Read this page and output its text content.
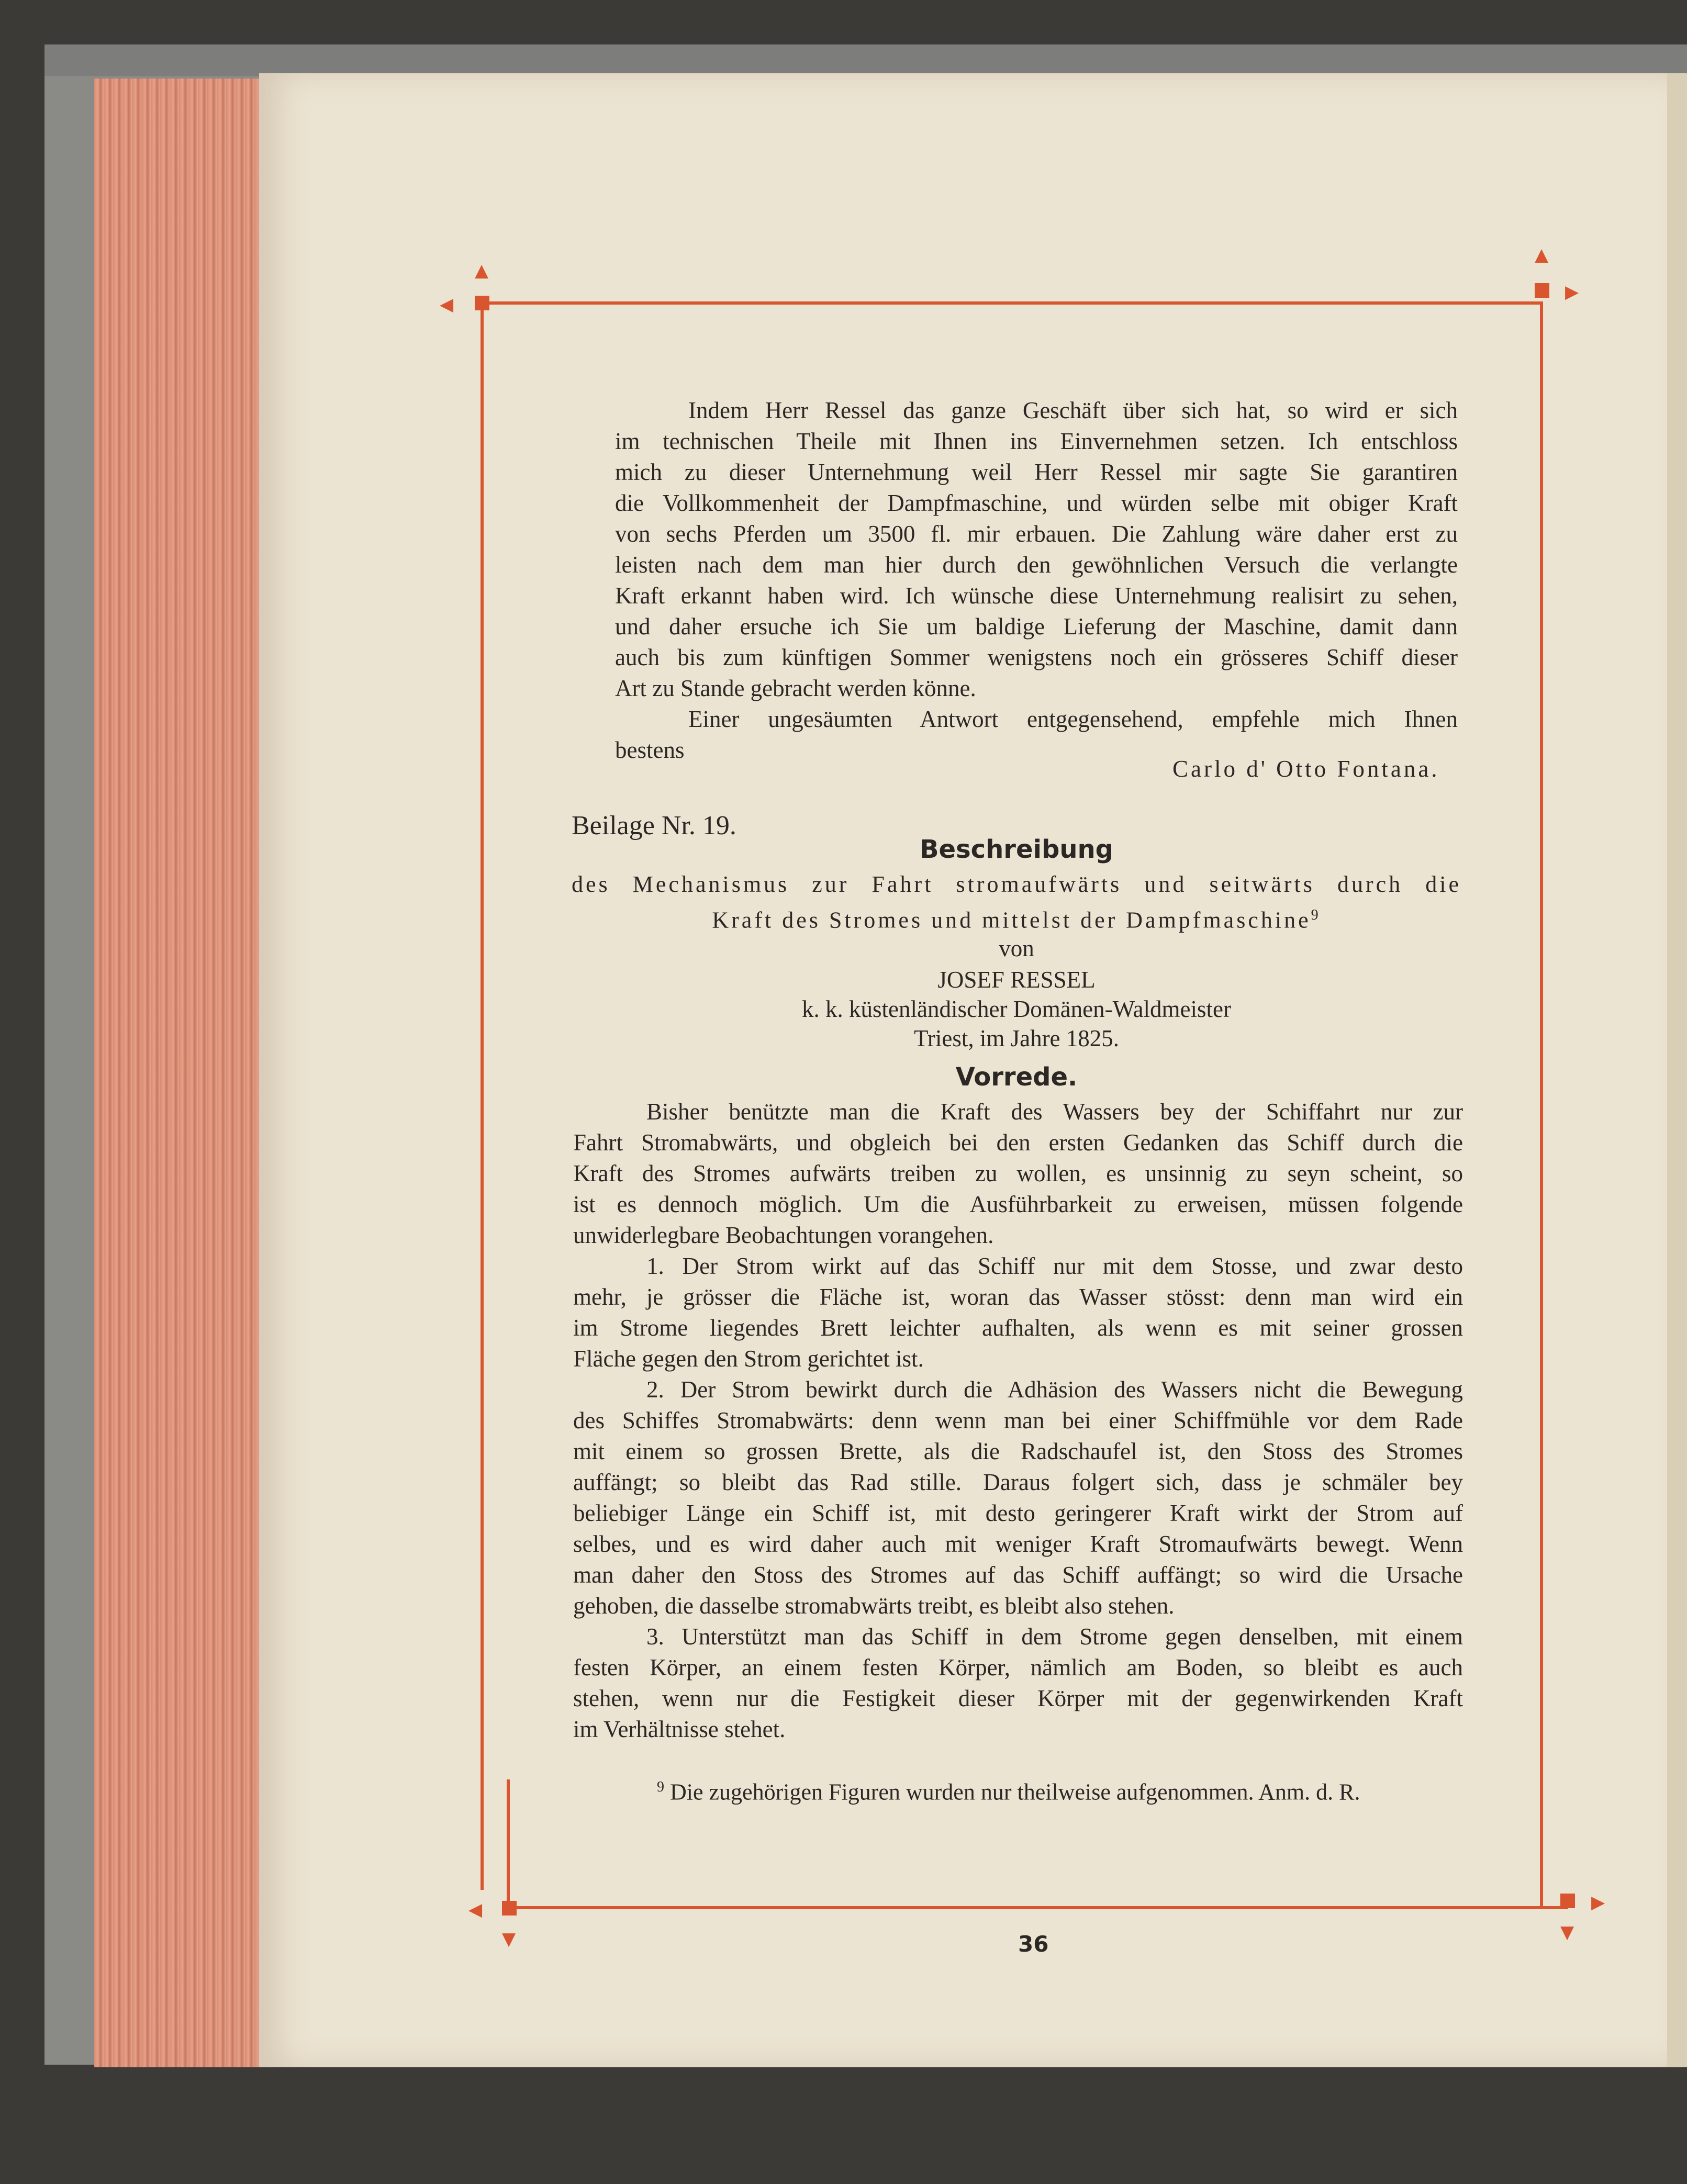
▲
◀
▲
▶
◀
▼
▶
▼
Indem Herr Ressel das ganze Geschäft über sich hat, so wird er sich
im technischen Theile mit Ihnen ins Einvernehmen setzen. Ich entschloss
mich zu dieser Unternehmung weil Herr Ressel mir sagte Sie garantiren
die Vollkommenheit der Dampfmaschine, und würden selbe mit obiger Kraft
von sechs Pferden um 3500 fl. mir erbauen. Die Zahlung wäre daher erst zu
leisten nach dem man hier durch den gewöhnlichen Versuch die verlangte
Kraft erkannt haben wird. Ich wünsche diese Unternehmung realisirt zu sehen,
und daher ersuche ich Sie um baldige Lieferung der Maschine, damit dann
auch bis zum künftigen Sommer wenigstens noch ein grösseres Schiff dieser
Art zu Stande gebracht werden könne.
Einer ungesäumten Antwort entgegensehend, empfehle mich Ihnen
bestens
Carlo d' Otto Fontana.
Beilage Nr. 19.
Beschreibung
des Mechanismus zur Fahrt stromaufwärts und seitwärts durch die
Kraft des Stromes und mittelst der Dampfmaschine$^9$
von
JOSEF RESSEL
k. k. küstenländischer Domänen-Waldmeister
Triest, im Jahre 1825.
Vorrede.
Bisher benützte man die Kraft des Wassers bey der Schiffahrt nur zur
Fahrt Stromabwärts, und obgleich bei den ersten Gedanken das Schiff durch die
Kraft des Stromes aufwärts treiben zu wollen, es unsinnig zu seyn scheint, so
ist es dennoch möglich. Um die Ausführbarkeit zu erweisen, müssen folgende
unwiderlegbare Beobachtungen vorangehen.
1. Der Strom wirkt auf das Schiff nur mit dem Stosse, und zwar desto
mehr, je grösser die Fläche ist, woran das Wasser stösst: denn man wird ein
im Strome liegendes Brett leichter aufhalten, als wenn es mit seiner grossen
Fläche gegen den Strom gerichtet ist.
2. Der Strom bewirkt durch die Adhäsion des Wassers nicht die Bewegung
des Schiffes Stromabwärts: denn wenn man bei einer Schiffmühle vor dem Rade
mit einem so grossen Brette, als die Radschaufel ist, den Stoss des Stromes
auffängt; so bleibt das Rad stille. Daraus folgert sich, dass je schmäler bey
beliebiger Länge ein Schiff ist, mit desto geringerer Kraft wirkt der Strom auf
selbes, und es wird daher auch mit weniger Kraft Stromaufwärts bewegt. Wenn
man daher den Stoss des Stromes auf das Schiff auffängt; so wird die Ursache
gehoben, die dasselbe stromabwärts treibt, es bleibt also stehen.
3. Unterstützt man das Schiff in dem Strome gegen denselben, mit einem
festen Körper, an einem festen Körper, nämlich am Boden, so bleibt es auch
stehen, wenn nur die Festigkeit dieser Körper mit der gegenwirkenden Kraft
im Verhältnisse stehet.
$^9$ Die zugehörigen Figuren wurden nur theilweise aufgenommen. Anm. d. R.
36
